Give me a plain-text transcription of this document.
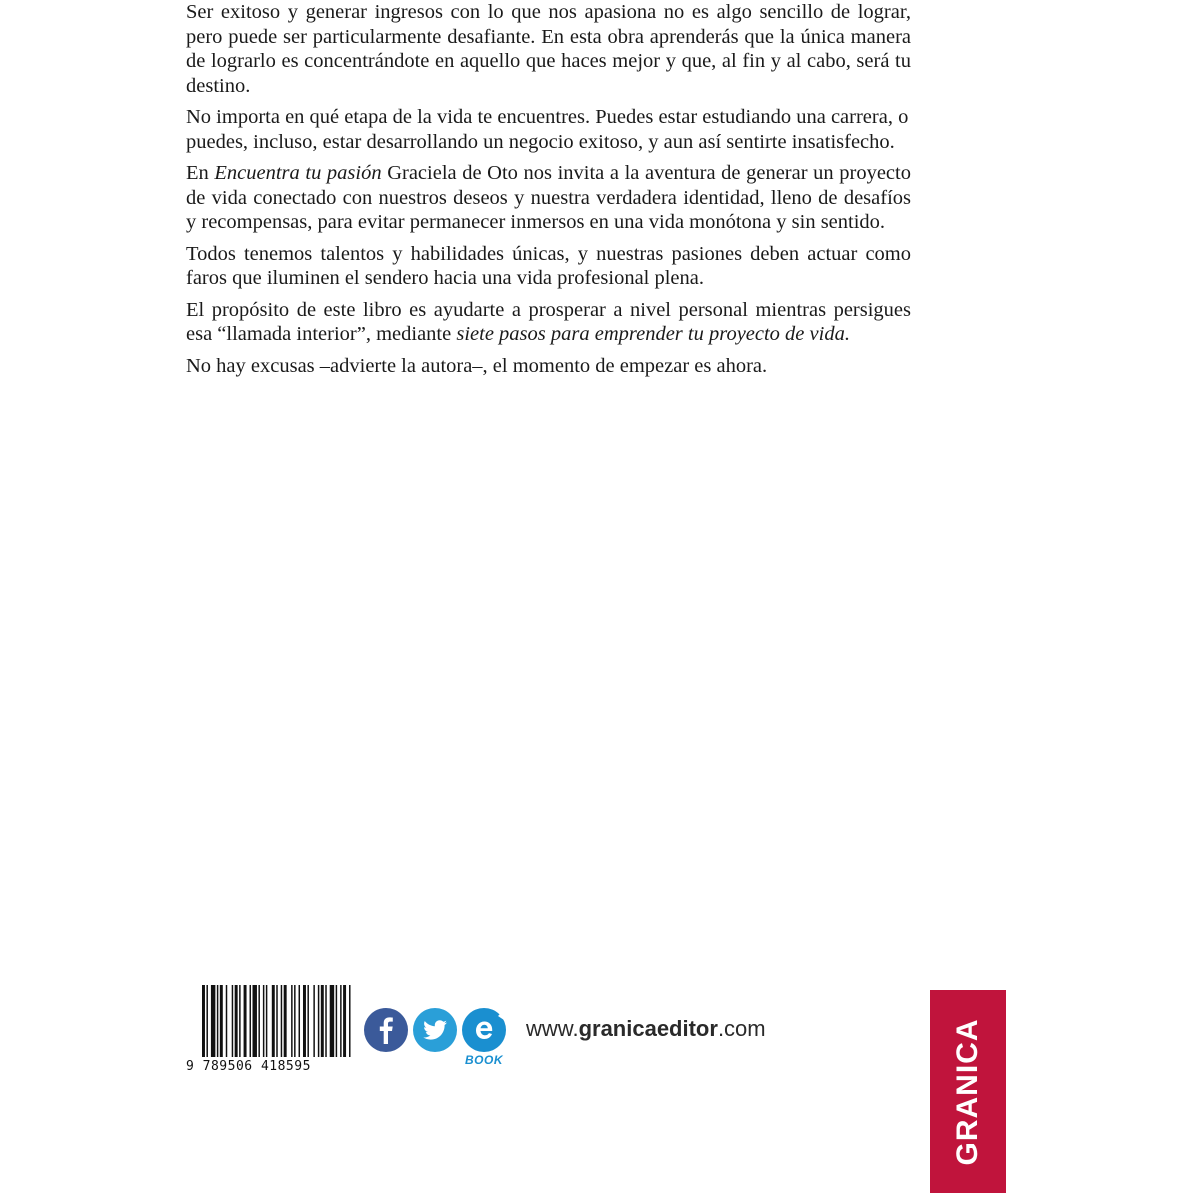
Ser exitoso y generar ingresos con lo que nos apasiona no es algo sencillo de lograr, pero puede ser particularmente desafiante. En esta obra aprenderás que la única manera de lograrlo es concentrándote en aquello que haces mejor y que, al fin y al cabo, será tu destino.

No importa en qué etapa de la vida te encuentres. Puedes estar estudiando una carrera, o puedes, incluso, estar desarrollando un negocio exitoso, y aun así sentirte insatisfecho.

En Encuentra tu pasión Graciela de Oto nos invita a la aventura de generar un proyecto de vida conectado con nuestros deseos y nuestra verdadera identidad, lleno de desafíos y recompensas, para evitar permanecer inmersos en una vida monótona y sin sentido.

Todos tenemos talentos y habilidades únicas, y nuestras pasiones deben actuar como faros que iluminen el sendero hacia una vida profesional plena.

El propósito de este libro es ayudarte a prosperar a nivel personal mientras persigues esa “llamada interior”, mediante siete pasos para emprender tu proyecto de vida.

No hay excusas –advierte la autora–, el momento de empezar es ahora.

9 789506 418595	BOOK
www.granicaeditor.com	GRANICA
